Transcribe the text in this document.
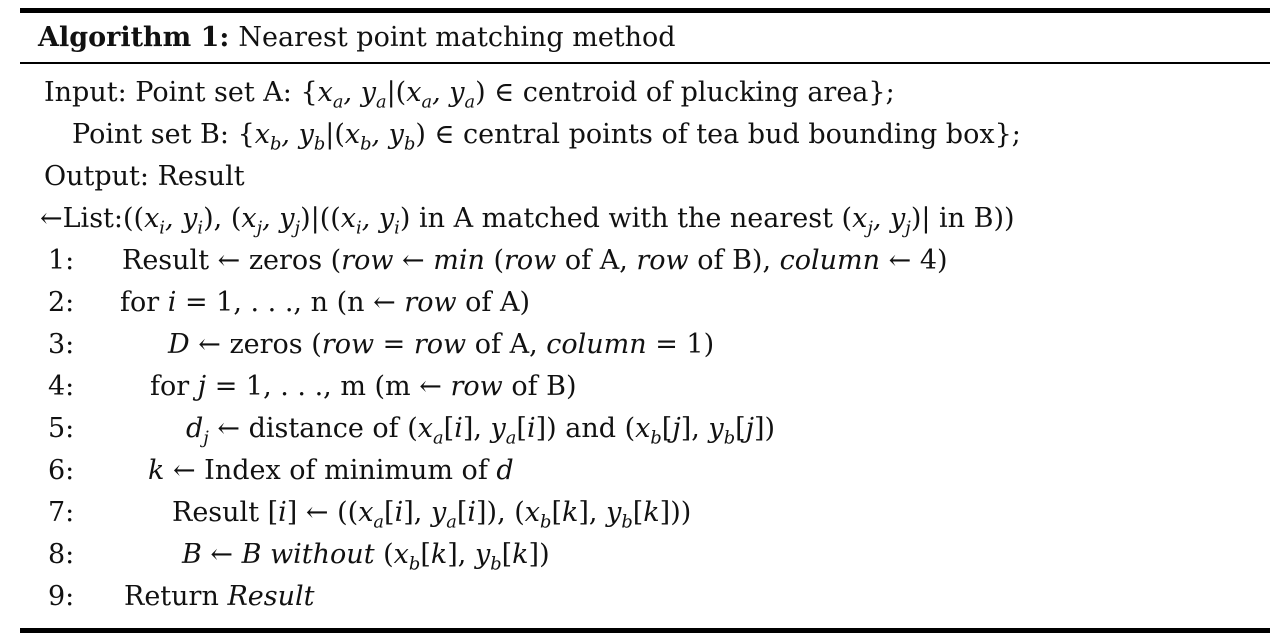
Algorithm 1: Nearest point matching method
Input: Point set A: {$x_a$, $y_a|(x_a$, $y_a$) ∈ centroid of plucking area};
Point set B: {$x_b$, $y_b|(x_b$, $y_b$) ∈ central points of tea bud bounding box};
Output: Result
$\leftarrow List:((x_i$, $y_i$), ($x_j$, $y_j)|((x_i$, $y_i$) in A matched with the nearest ($x_j$, $y_j)|$ in B))
1: Result ← zeros (row ← min (row of A, row of B), column ← 4)
2: for i = 1, . . ., n (n ← row of A)
3:	D ← zeros (row = row of A, column = 1)
4:	for j = 1, . . ., m (m ← row of B)
5:	$d_j$ ← distance of ($x_a[i]$, $y_a[i]$) and ($x_b[j]$, $y_b[j]$)
6:	k ← Index of minimum of d
7:	Result [i] ← (($x_a[i]$, $y_a[i]$), ($x_b[k]$, $y_b[k]$))
8:	B ← B without ($x_b[k]$, $y_b[k]$)
9: Return Result
